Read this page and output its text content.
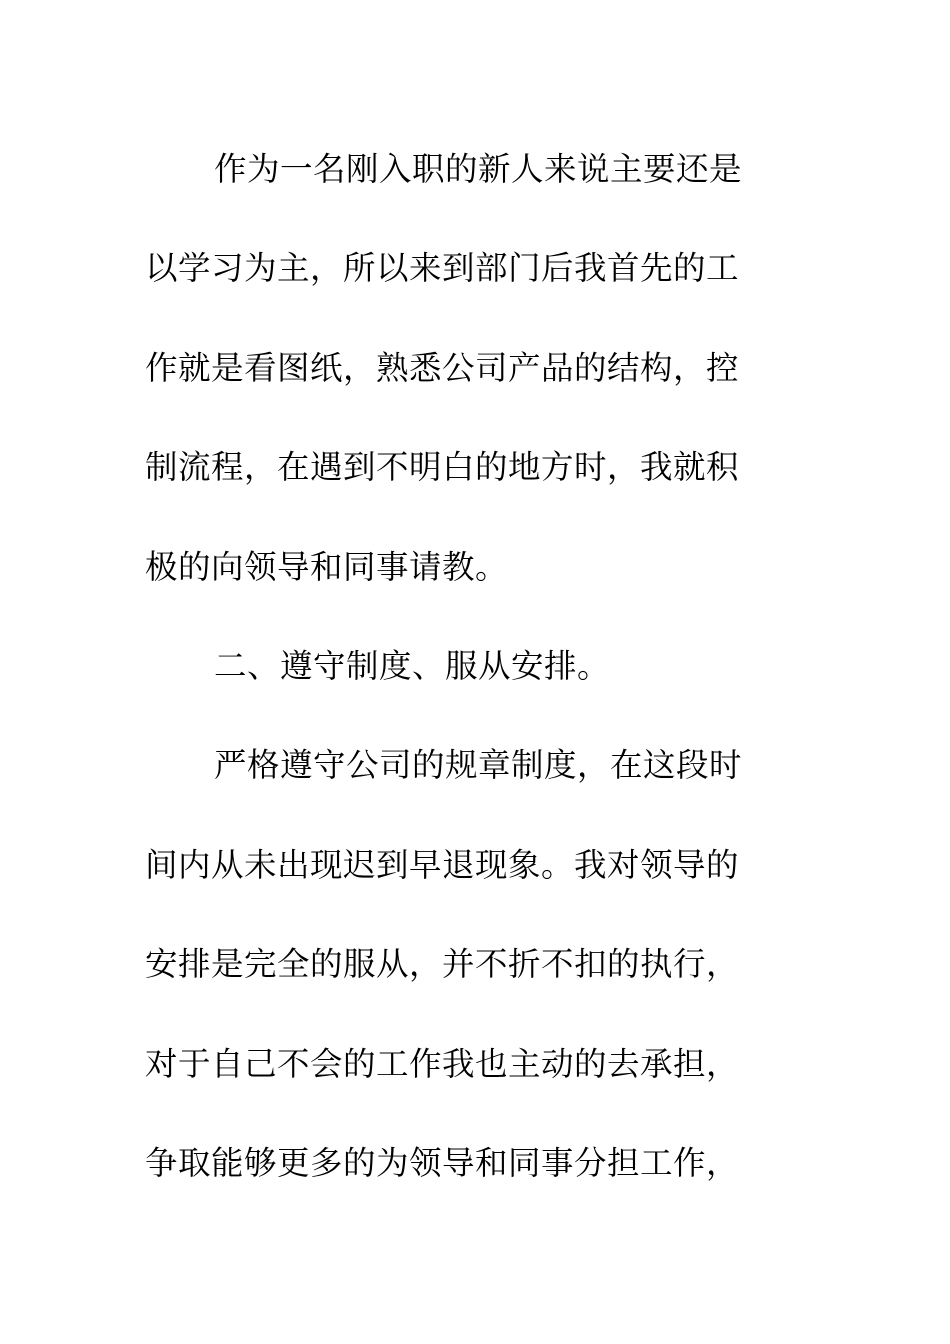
作为一名刚入职的新人来说主要还是
以学习为主，所以来到部门后我首先的工
作就是看图纸，熟悉公司产品的结构，控
制流程，在遇到不明白的地方时，我就积
极的向领导和同事请教。
二、遵守制度、服从安排。
严格遵守公司的规章制度，在这段时
间内从未出现迟到早退现象。我对领导的
安排是完全的服从，并不折不扣的执行，
对于自己不会的工作我也主动的去承担，
争取能够更多的为领导和同事分担工作，
